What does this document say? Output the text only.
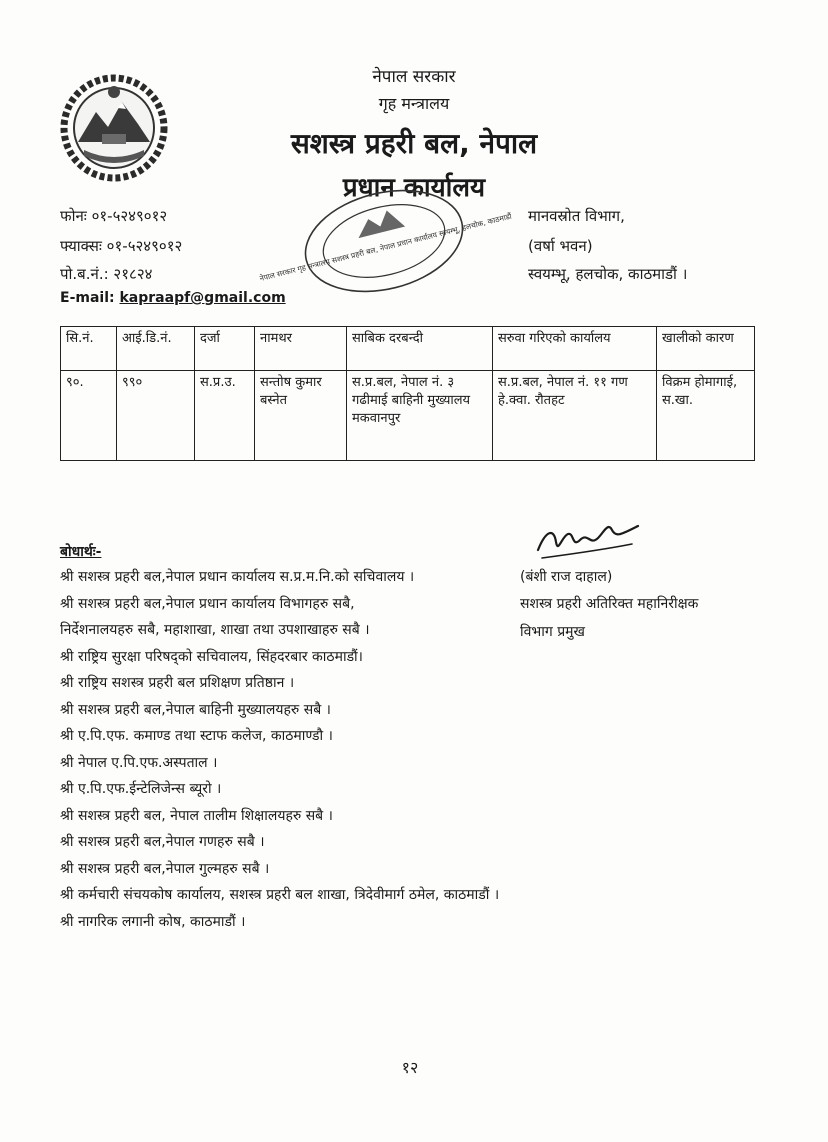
नेपाल सरकार
गृह मन्त्रालय
सशस्त्र प्रहरी बल, नेपाल
प्रधान कार्यालय
नेपाल सरकार गृह मन्त्रालय सशस्त्र प्रहरी बल, नेपाल प्रधान कार्यालय स्वयम्भू, हलचोक, काठमाडौं
फोनः ०१-५२४९०१२
फ्याक्सः ०१-५२४९०१२
पो.ब.नं.: २१८२४
E-mail: kapraapf@gmail.com
मानवस्रोत विभाग,
(वर्षा भवन)
स्वयम्भू, हलचोक, काठमाडौं ।
सि.नं.	आई.डि.नं.	दर्जा	नामथर	साबिक दरबन्दी	सरुवा गरिएको कार्यालय	खालीको कारण
९०.	९९०	स.प्र.उ.	सन्तोष कुमार बस्नेत	स.प्र.बल, नेपाल नं. ३ गढीमाई बाहिनी मुख्यालय मकवानपुर	स.प्र.बल, नेपाल नं. ११ गण हे.क्वा. रौतहट	विक्रम होमागाई, स.खा.
(बंशी राज दाहाल)
सशस्त्र प्रहरी अतिरिक्त महानिरीक्षक
विभाग प्रमुख
बोधार्थः-
श्री सशस्त्र प्रहरी बल,नेपाल प्रधान कार्यालय स.प्र.म.नि.को सचिवालय ।
श्री सशस्त्र प्रहरी बल,नेपाल प्रधान कार्यालय विभागहरु सबै,
निर्देशनालयहरु सबै, महाशाखा, शाखा तथा उपशाखाहरु सबै ।
श्री राष्ट्रिय सुरक्षा परिषद्को सचिवालय, सिंहदरबार काठमाडौं।
श्री राष्ट्रिय सशस्त्र प्रहरी बल प्रशिक्षण प्रतिष्ठान ।
श्री सशस्त्र प्रहरी बल,नेपाल बाहिनी मुख्यालयहरु सबै ।
श्री ए.पि.एफ. कमाण्ड तथा स्टाफ कलेज, काठमाण्डौ ।
श्री नेपाल ए.पि.एफ.अस्पताल ।
श्री ए.पि.एफ.ईन्टेलिजेन्स ब्यूरो ।
श्री सशस्त्र प्रहरी बल, नेपाल तालीम शिक्षालयहरु सबै ।
श्री सशस्त्र प्रहरी बल,नेपाल गणहरु सबै ।
श्री सशस्त्र प्रहरी बल,नेपाल गुल्महरु सबै ।
श्री कर्मचारी संचयकोष कार्यालय, सशस्त्र प्रहरी बल शाखा, त्रिदेवीमार्ग ठमेल, काठमाडौं ।
श्री नागरिक लगानी कोष, काठमाडौं ।
१२
